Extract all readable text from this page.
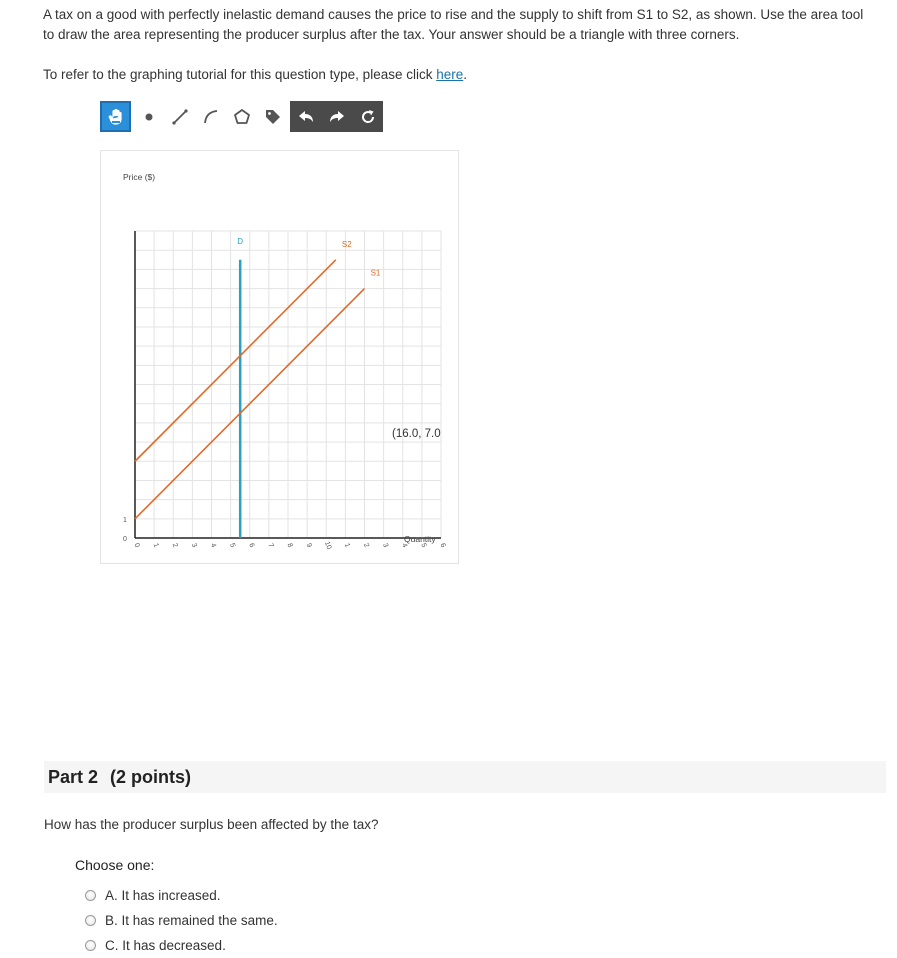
A tax on a good with perfectly inelastic demand causes the price to rise and the supply to shift from S1 to S2, as shown. Use the area tool to draw the area representing the producer surplus after the tax. Your answer should be a triangle with three corners.
To refer to the graphing tutorial for this question type, please click here.
Price ($)
Quantity
0
1
0 1 2 3 4 5 6 7 8 9 10 1 2 3 4 5 6
D	S2
S1
(16.0, 7.0
Part 2 (2 points)
How has the producer surplus been affected by the tax?
Choose one:
A. It has increased.
B. It has remained the same.
C. It has decreased.
